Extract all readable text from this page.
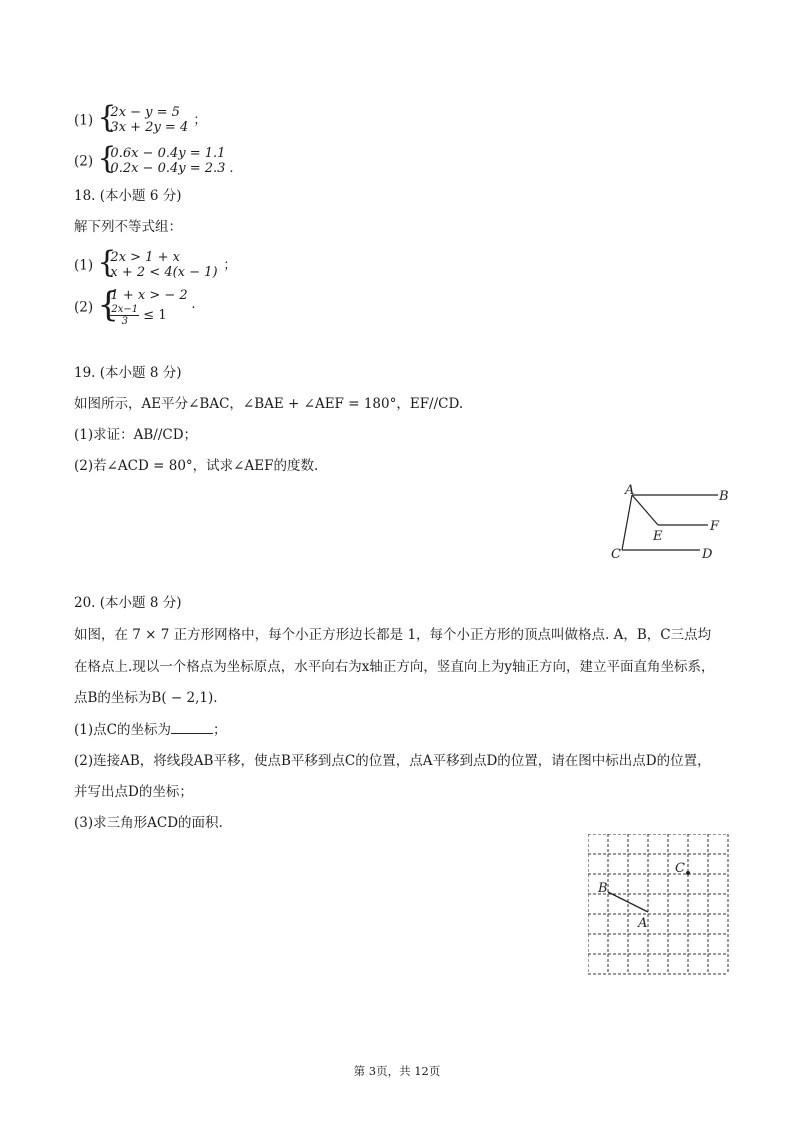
(1) {
2x − y = 5
3x + 2y = 4 ；
(2) {
0.6x − 0.4y = 1.1
0.2x − 0.4y = 2.3 .
18. (本小题 6 分)
解下列不等式组：
(1) {
2x > 1 + x
x + 2 < 4(x − 1) ；
(2) {
1 + x > − 2
$\frac{2x-1}{3} \le 1$
.
19. (本小题 8 分)
如图所示，AE平分∠BAC，∠BAE + ∠AEF = 180°，EF//CD.
(1)求证：AB//CD；
(2)若∠ACD = 80°，试求∠AEF的度数.
A	B
C	D
E
F
20. (本小题 8 分)
如图，在 7 × 7 正方形网格中，每个小正方形边长都是 1，每个小正方形的顶点叫做格点. A，B，C三点均
在格点上.现以一个格点为坐标原点，水平向右为x轴正方向，竖直向上为y轴正方向，建立平面直角坐标系，
点B的坐标为B( − 2,1).
(1)点C的坐标为	；
(2)连接AB，将线段AB平移，使点B平移到点C的位置，点A平移到点D的位置，请在图中标出点D的位置，
并写出点D的坐标；
(3)求三角形ACD的面积.
B
A
C
第 3页，共 12页
